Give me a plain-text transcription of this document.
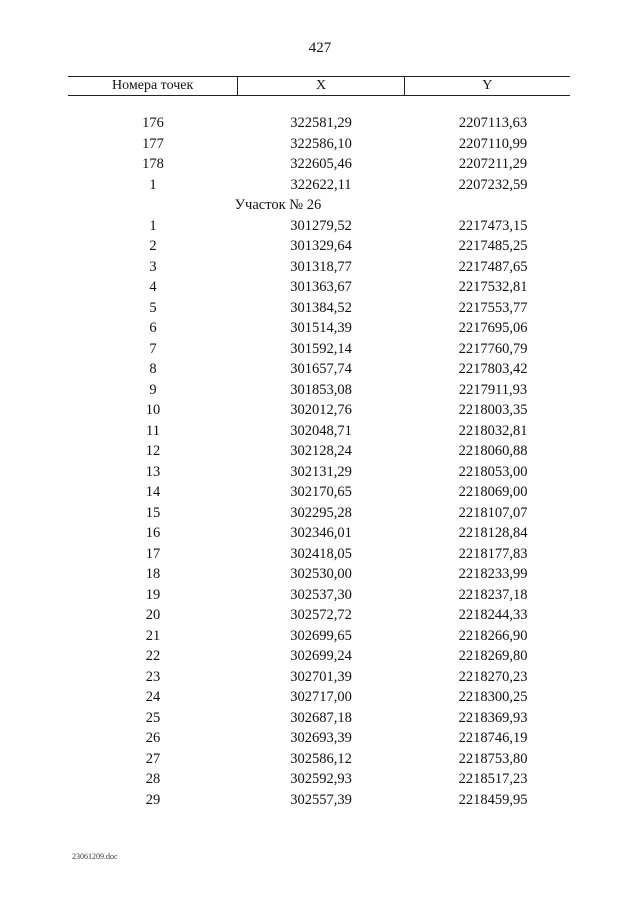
427
Номера точек	X	Y
176	322581,29	2207113,63
177	322586,10	2207110,99
178	322605,46	2207211,29
1	322622,11	2207232,59
Участок № 26
1	301279,52	2217473,15
2	301329,64	2217485,25
3	301318,77	2217487,65
4	301363,67	2217532,81
5	301384,52	2217553,77
6	301514,39	2217695,06
7	301592,14	2217760,79
8	301657,74	2217803,42
9	301853,08	2217911,93
10	302012,76	2218003,35
11	302048,71	2218032,81
12	302128,24	2218060,88
13	302131,29	2218053,00
14	302170,65	2218069,00
15	302295,28	2218107,07
16	302346,01	2218128,84
17	302418,05	2218177,83
18	302530,00	2218233,99
19	302537,30	2218237,18
20	302572,72	2218244,33
21	302699,65	2218266,90
22	302699,24	2218269,80
23	302701,39	2218270,23
24	302717,00	2218300,25
25	302687,18	2218369,93
26	302693,39	2218746,19
27	302586,12	2218753,80
28	302592,93	2218517,23
29	302557,39	2218459,95
23061209.doc
